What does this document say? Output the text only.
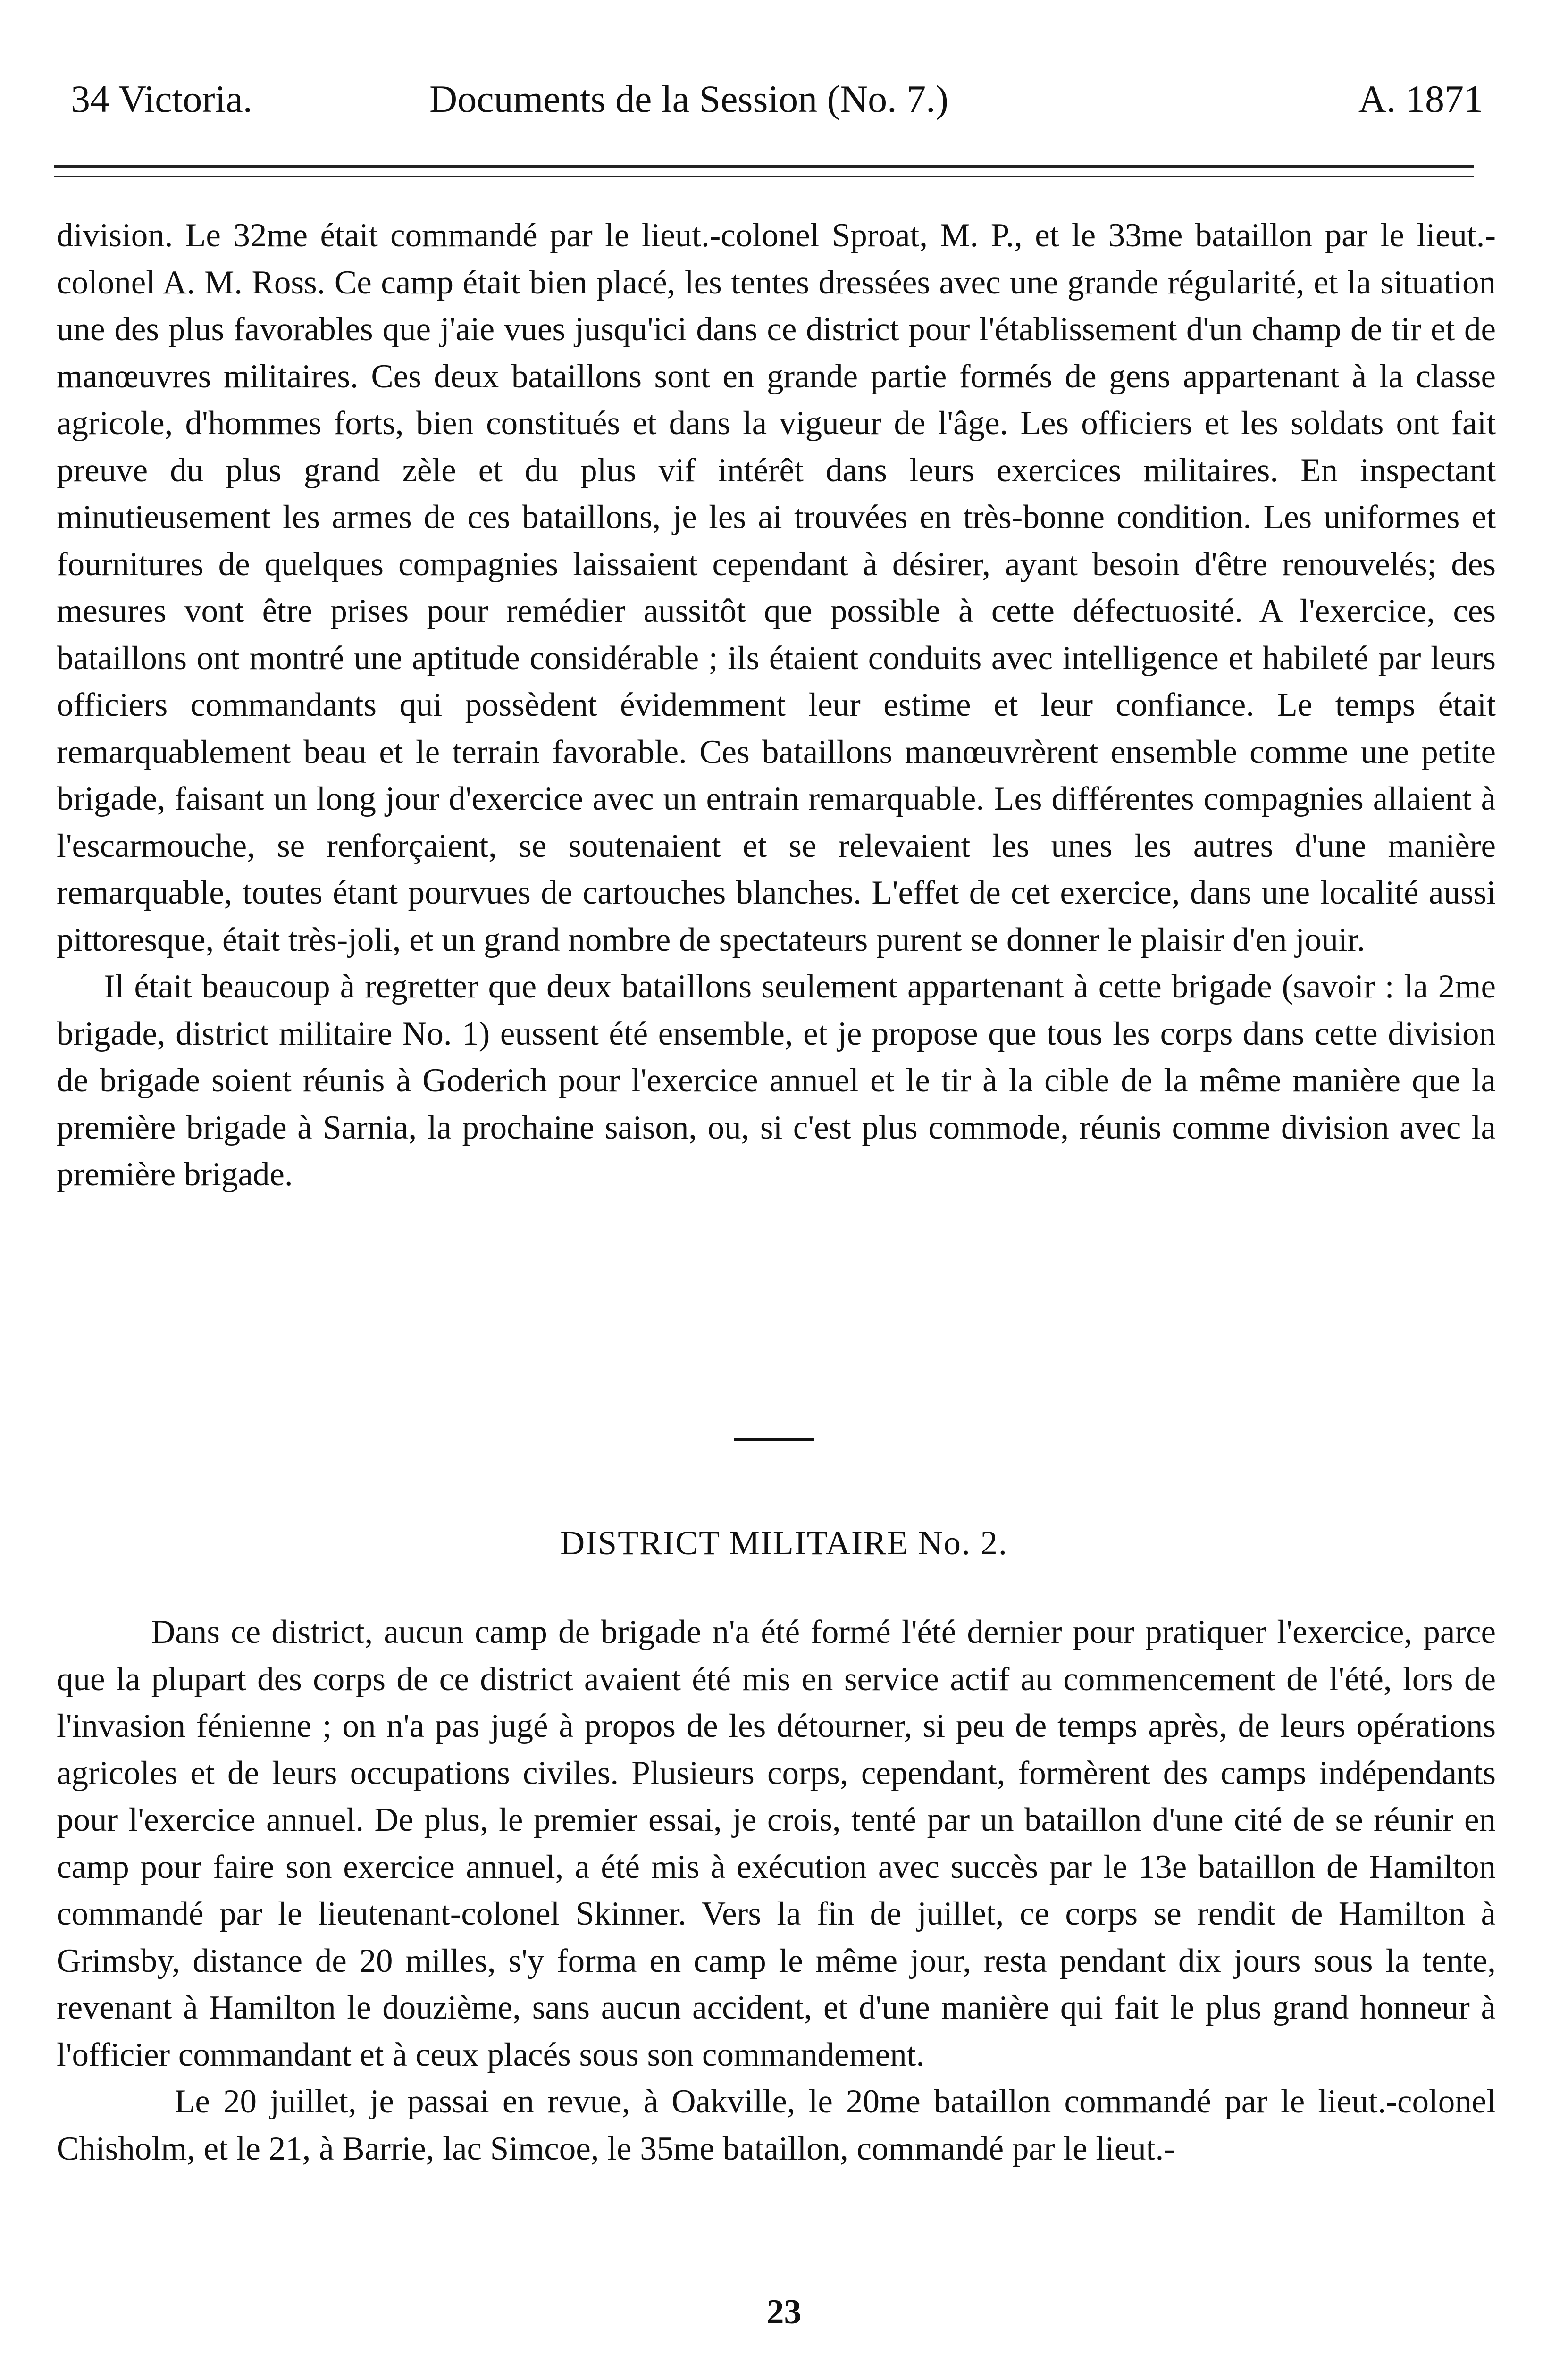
34 Victoria.	Documents de la Session (No. 7.)	A. 1871

division. Le 32me était commandé par le lieut.-colonel Sproat, M. P., et le 33me bataillon par le lieut.-colonel A. M. Ross. Ce camp était bien placé, les tentes dressées avec une grande régularité, et la situation une des plus favorables que j'aie vues jusqu'ici dans ce district pour l'établissement d'un champ de tir et de manœuvres militaires. Ces deux bataillons sont en grande partie formés de gens appartenant à la classe agricole, d'hommes forts, bien constitués et dans la vigueur de l'âge. Les officiers et les soldats ont fait preuve du plus grand zèle et du plus vif intérêt dans leurs exercices militaires. En inspectant minutieusement les armes de ces bataillons, je les ai trouvées en très-bonne condition. Les uniformes et fournitures de quelques compagnies laissaient cependant à désirer, ayant besoin d'être renouvelés; des mesures vont être prises pour remédier aussitôt que possible à cette défectuosité. A l'exercice, ces bataillons ont montré une aptitude considérable ; ils étaient conduits avec intelligence et habileté par leurs officiers commandants qui possèdent évidemment leur estime et leur confiance. Le temps était remarquablement beau et le terrain favorable. Ces bataillons manœuvrèrent ensemble comme une petite brigade, faisant un long jour d'exercice avec un entrain remarquable. Les différentes compagnies allaient à l'escarmouche, se renforçaient, se soutenaient et se relevaient les unes les autres d'une manière remarquable, toutes étant pourvues de cartouches blanches. L'effet de cet exercice, dans une localité aussi pittoresque, était très-joli, et un grand nombre de spectateurs purent se donner le plaisir d'en jouir.

Il était beaucoup à regretter que deux bataillons seulement appartenant à cette brigade (savoir : la 2me brigade, district militaire No. 1) eussent été ensemble, et je propose que tous les corps dans cette division de brigade soient réunis à Goderich pour l'exercice annuel et le tir à la cible de la même manière que la première brigade à Sarnia, la prochaine saison, ou, si c'est plus commode, réunis comme division avec la première brigade.

DISTRICT MILITAIRE No. 2.

Dans ce district, aucun camp de brigade n'a été formé l'été dernier pour pratiquer l'exercice, parce que la plupart des corps de ce district avaient été mis en service actif au commencement de l'été, lors de l'invasion fénienne ; on n'a pas jugé à propos de les détourner, si peu de temps après, de leurs opérations agricoles et de leurs occupations civiles. Plusieurs corps, cependant, formèrent des camps indépendants pour l'exercice annuel. De plus, le premier essai, je crois, tenté par un bataillon d'une cité de se réunir en camp pour faire son exercice annuel, a été mis à exécution avec succès par le 13e bataillon de Hamilton commandé par le lieutenant-colonel Skinner. Vers la fin de juillet, ce corps se rendit de Hamilton à Grimsby, distance de 20 milles, s'y forma en camp le même jour, resta pendant dix jours sous la tente, revenant à Hamilton le douzième, sans aucun accident, et d'une manière qui fait le plus grand honneur à l'officier commandant et à ceux placés sous son commandement.

Le 20 juillet, je passai en revue, à Oakville, le 20me bataillon commandé par le lieut.-colonel Chisholm, et le 21, à Barrie, lac Simcoe, le 35me bataillon, commandé par le lieut.-

23
